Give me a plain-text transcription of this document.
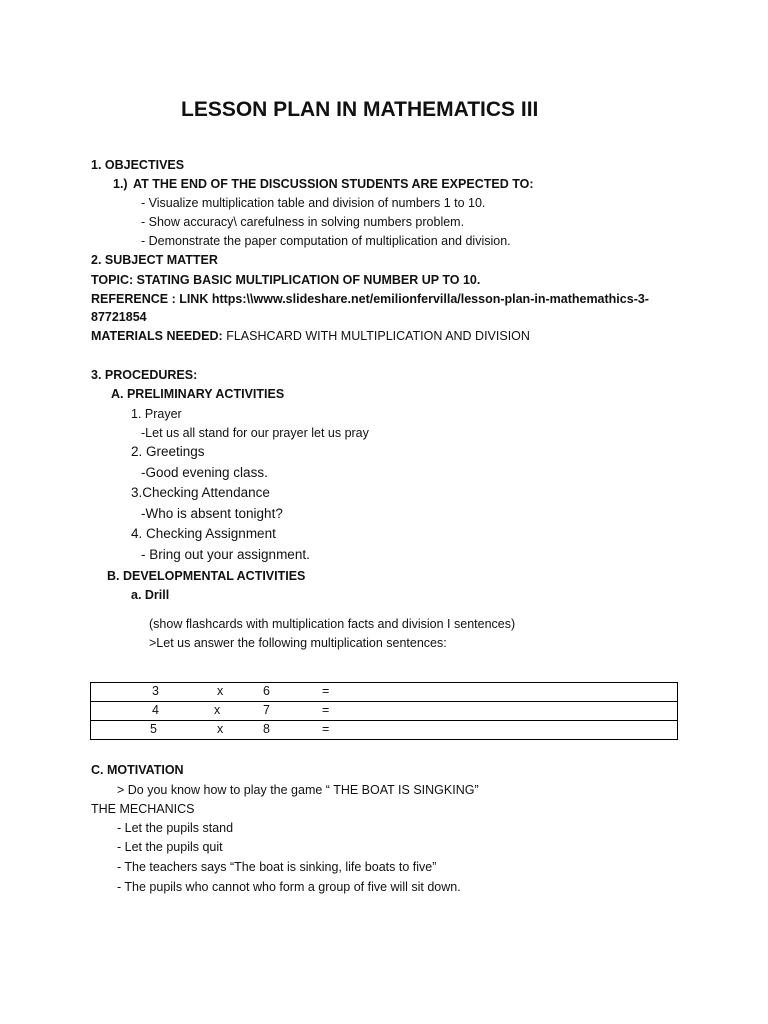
LESSON PLAN IN MATHEMATICS III
1. OBJECTIVES
1.) AT THE END OF THE DISCUSSION STUDENTS ARE EXPECTED TO:
- Visualize multiplication table and division of numbers 1 to 10.
- Show accuracy\ carefulness in solving numbers problem.
- Demonstrate the paper computation of multiplication and division.
2. SUBJECT MATTER
TOPIC: STATING BASIC MULTIPLICATION OF NUMBER UP TO 10.
REFERENCE : LINK https:\\www.slideshare.net/emilionfervilla/lesson-plan-in-mathemathics-3-
87721854
MATERIALS NEEDED: FLASHCARD WITH MULTIPLICATION AND DIVISION
3. PROCEDURES:
A. PRELIMINARY ACTIVITIES
1. Prayer
-Let us all stand for our prayer let us pray
2. Greetings
-Good evening class.
3.Checking Attendance
-Who is absent tonight?
4. Checking Assignment
- Bring out your assignment.
B. DEVELOPMENTAL ACTIVITIES
a. Drill
(show flashcards with multiplication facts and division I sentences)
>Let us answer the following multiplication sentences:
3	x	6	=

4	x	7	=

5	x	8	=
C. MOTIVATION
> Do you know how to play the game “ THE BOAT IS SINGKING”
THE MECHANICS
- Let the pupils stand
- Let the pupils quit
- The teachers says “The boat is sinking, life boats to five”
- The pupils who cannot who form a group of five will sit down.
